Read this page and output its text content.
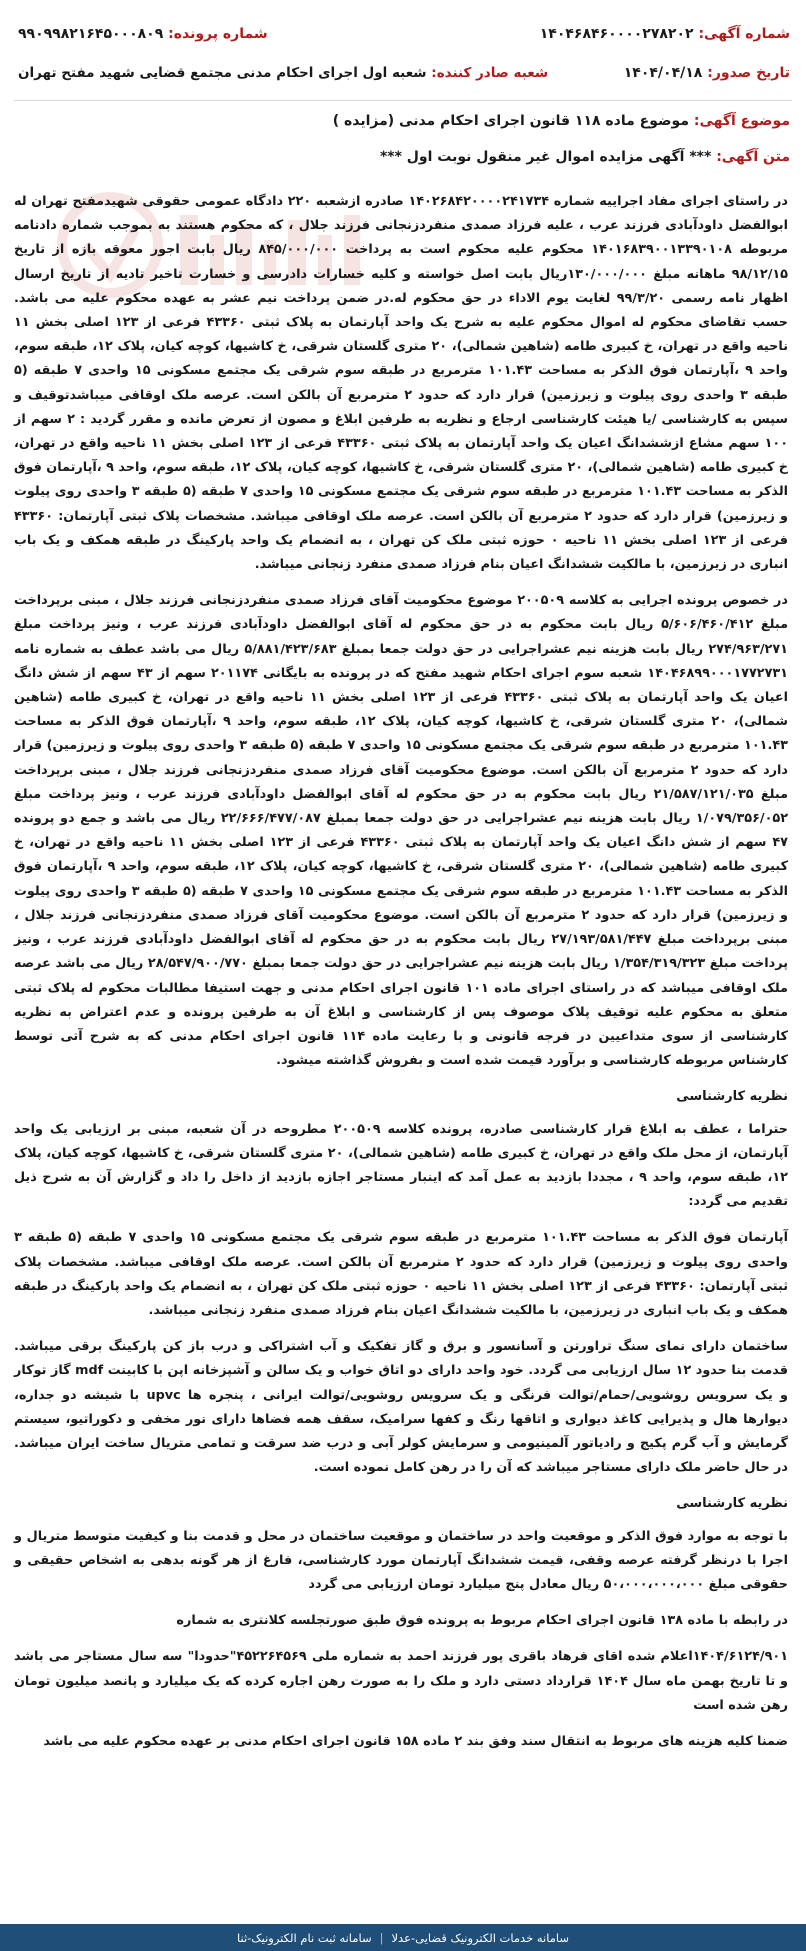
شماره آگهی: ۱۴۰۴۶۸۴۶۰۰۰۰۲۷۸۲۰۲
شماره پرونده: ۹۹۰۹۹۸۲۱۶۴۵۰۰۰۸۰۹
تاریخ صدور: ۱۴۰۴/۰۴/۱۸
شعبه صادر کننده: شعبه اول اجرای احکام مدنی مجتمع قضایی شهید مفتح تهران
موضوع آگهی: موضوع ماده ۱۱۸ قانون اجرای احکام مدنی (مزایده )
متن آگهی: *** آگهی مزایده اموال غیر منقول نوبت اول ***

در راستای اجرای مفاد اجراییه شماره ۱۴۰۲۶۸۴۲۰۰۰۰۲۴۱۷۳۴ صادره ازشعبه ۲۲۰ دادگاه عمومی حقوقی شهیدمفتح تهران له ابوالفضل داودآبادی فرزند عرب ، علیه فرزاد صمدی منفردزنجانی فرزند جلال ، که محکوم هستند به بموجب شماره دادنامه مربوطه ۱۴۰۱۶۸۳۹۰۰۱۳۳۹۰۱۰۸ محکوم علیه محکوم است به پرداخت ۸۴۵/۰۰۰/۰۰۰ ریال بابت اجور معوقه بازه از تاریخ ۹۸/۱۲/۱۵ ماهانه مبلغ ۱۳۰/۰۰۰/۰۰۰ریال بابت اصل خواسته و کلیه خسارات دادرسی و خسارت تاخیر تادیه از تاریخ ارسال اظهار نامه رسمی ۹۹/۳/۲۰ لغایت یوم الاداء در حق محکوم له.در ضمن پرداخت نیم عشر به عهده محکوم علیه می باشد. حسب تقاضای محکوم له اموال محکوم علیه به شرح یک واحد آپارتمان به پلاک ثبتی ۴۳۳۶۰ فرعی از ۱۲۳ اصلی بخش ۱۱ ناحیه واقع در تهران، خ کبیری طامه (شاهین شمالی)، ۲۰ متری گلستان شرقی، خ کاشیها، کوچه کیان، پلاک ۱۲، طبقه سوم، واحد ۹ ،آپارتمان فوق الذکر به مساحت ۱۰۱.۴۳ مترمربع در طبقه سوم شرقی یک مجتمع مسکونی ۱۵ واحدی ۷ طبقه (۵ طبقه ۳ واحدی روی پیلوت و زیرزمین) قرار دارد که حدود ۲ مترمربع آن بالکن است. عرصه ملک اوقافی میباشدتوقیف و سپس به کارشناسی /یا هیئت کارشناسی ارجاع و نظریه به طرفین ابلاغ و مصون از تعرض مانده و مقرر گردید : ۲ سهم از ۱۰۰ سهم مشاع ازششدانگ اعیان یک واحد آپارتمان به پلاک ثبتی ۴۳۳۶۰ فرعی از ۱۲۳ اصلی بخش ۱۱ ناحیه واقع در تهران، خ کبیری طامه (شاهین شمالی)، ۲۰ متری گلستان شرقی، خ کاشیها، کوچه کیان، پلاک ۱۲، طبقه سوم، واحد ۹ ،آپارتمان فوق الذکر به مساحت ۱۰۱.۴۳ مترمربع در طبقه سوم شرقی یک مجتمع مسکونی ۱۵ واحدی ۷ طبقه (۵ طبقه ۳ واحدی روی پیلوت و زیرزمین) قرار دارد که حدود ۲ مترمربع آن بالکن است. عرصه ملک اوقافی میباشد. مشخصات پلاک ثبتی آپارتمان: ۴۳۳۶۰ فرعی از ۱۲۳ اصلی بخش ۱۱ ناحیه ۰ حوزه ثبتی ملک کن تهران ، به انضمام یک واحد پارکینگ در طبقه همکف و یک باب انباری در زیرزمین، با مالکیت ششدانگ اعیان بنام فرزاد صمدی منفرد زنجانی میباشد.

در خصوص پرونده اجرایی به کلاسه ۲۰۰۵۰۹ موضوع محکومیت آقای فرزاد صمدی منفردزنجانی فرزند جلال ، مبنی برپرداخت مبلغ ۵/۶۰۶/۴۶۰/۴۱۲ ریال بابت محکوم به در حق محکوم له آقای ابوالفضل داودآبادی فرزند عرب ، ونیز پرداخت مبلغ ۲۷۴/۹۶۳/۲۷۱ ریال بابت هزینه نیم عشراجرایی در حق دولت جمعا بمبلغ ۵/۸۸۱/۴۲۳/۶۸۳ ریال می باشد عطف به شماره نامه ۱۴۰۴۶۸۹۹۰۰۰۱۷۷۲۷۳۱ شعبه سوم اجرای احکام شهید مفتح که در پرونده به بایگانی ۲۰۱۱۷۴ سهم از ۴۳ سهم از شش دانگ اعیان یک واحد آپارتمان به پلاک ثبتی ۴۳۳۶۰ فرعی از ۱۲۳ اصلی بخش ۱۱ ناحیه واقع در تهران، خ کبیری طامه (شاهین شمالی)، ۲۰ متری گلستان شرقی، خ کاشیها، کوچه کیان، پلاک ۱۲، طبقه سوم، واحد ۹ ،آپارتمان فوق الذکر به مساحت ۱۰۱.۴۳ مترمربع در طبقه سوم شرقی یک مجتمع مسکونی ۱۵ واحدی ۷ طبقه (۵ طبقه ۳ واحدی روی پیلوت و زیرزمین) قرار دارد که حدود ۲ مترمربع آن بالکن است. موضوع محکومیت آقای فرزاد صمدی منفردزنجانی فرزند جلال ، مبنی برپرداخت مبلغ ۲۱/۵۸۷/۱۲۱/۰۳۵ ریال بابت محکوم به در حق محکوم له آقای ابوالفضل داودآبادی فرزند عرب ، ونیز پرداخت مبلغ ۱/۰۷۹/۳۵۶/۰۵۲ ریال بابت هزینه نیم عشراجرایی در حق دولت جمعا بمبلغ ۲۲/۶۶۶/۴۷۷/۰۸۷ ریال می باشد و جمع دو پرونده ۴۷ سهم از شش دانگ اعیان یک واحد آپارتمان به پلاک ثبتی ۴۳۳۶۰ فرعی از ۱۲۳ اصلی بخش ۱۱ ناحیه واقع در تهران، خ کبیری طامه (شاهین شمالی)، ۲۰ متری گلستان شرقی، خ کاشیها، کوچه کیان، پلاک ۱۲، طبقه سوم، واحد ۹ ،آپارتمان فوق الذکر به مساحت ۱۰۱.۴۳ مترمربع در طبقه سوم شرقی یک مجتمع مسکونی ۱۵ واحدی ۷ طبقه (۵ طبقه ۳ واحدی روی پیلوت و زیرزمین) قرار دارد که حدود ۲ مترمربع آن بالکن است. موضوع محکومیت آقای فرزاد صمدی منفردزنجانی فرزند جلال ، مبنی برپرداخت مبلغ ۲۷/۱۹۳/۵۸۱/۴۴۷ ریال بابت محکوم به در حق محکوم له آقای ابوالفضل داودآبادی فرزند عرب ، ونیز پرداخت مبلغ ۱/۳۵۴/۳۱۹/۳۲۳ ریال بابت هزینه نیم عشراجرایی در حق دولت جمعا بمبلغ ۲۸/۵۴۷/۹۰۰/۷۷۰ ریال می باشد عرصه ملک اوقافی میباشد که در راستای اجرای ماده ۱۰۱ قانون اجرای احکام مدنی و جهت استیفا مطالبات محکوم له پلاک ثبتی متعلق به محکوم علیه توقیف پلاک موصوف پس از کارشناسی و ابلاغ آن به طرفین پرونده و عدم اعتراض به نظریه کارشناسی از سوی متداعیین در فرجه قانونی و با رعایت ماده ۱۱۴ قانون اجرای احکام مدنی که به شرح آتی توسط کارشناس مربوطه کارشناسی و برآورد قیمت شده است و بفروش گذاشته میشود.

نظریه کارشناسی

حتراما ، عطف به ابلاغ قرار کارشناسی صادره، پرونده کلاسه ۲۰۰۵۰۹ مطروحه در آن شعبه، مبنی بر ارزیابی یک واحد آپارتمان، از محل ملک واقع در تهران، خ کبیری طامه (شاهین شمالی)، ۲۰ متری گلستان شرقی، خ کاشیها، کوچه کیان، پلاک ۱۲، طبقه سوم، واحد ۹ ، مجددا بازدید به عمل آمد که اینبار مستاجر اجازه بازدید از داخل را داد و گزارش آن به شرح ذیل تقدیم می گردد:

آپارتمان فوق الذکر به مساحت ۱۰۱.۴۳ مترمربع در طبقه سوم شرقی یک مجتمع مسکونی ۱۵ واحدی ۷ طبقه (۵ طبقه ۳ واحدی روی پیلوت و زیرزمین) قرار دارد که حدود ۲ مترمربع آن بالکن است. عرصه ملک اوقافی میباشد. مشخصات پلاک ثبتی آپارتمان: ۴۳۳۶۰ فرعی از ۱۲۳ اصلی بخش ۱۱ ناحیه ۰ حوزه ثبتی ملک کن تهران ، به انضمام یک واحد پارکینگ در طبقه همکف و یک باب انباری در زیرزمین، با مالکیت ششدانگ اعیان بنام فرزاد صمدی منفرد زنجانی میباشد.

ساختمان دارای نمای سنگ تراورتن و آسانسور و برق و گاز تفکیک و آب اشتراکی و درب باز کن پارکینگ برقی میباشد. قدمت بنا حدود ۱۲ سال ارزیابی می گردد. خود واحد دارای دو اتاق خواب و یک سالن و آشپزخانه اپن با کابینت mdf گاز توکار و یک سرویس روشویی/حمام/توالت فرنگی و یک سرویس روشویی/توالت ایرانی ، پنجره ها upvc با شیشه دو جداره، دیوارها هال و پذیرایی کاغذ دیواری و اتاقها رنگ و کفها سرامیک، سقف همه فضاها دارای نور مخفی و دکوراتیو، سیستم گرمایش و آب گرم پکیج و رادیاتور آلمینیومی و سرمایش کولر آبی و درب ضد سرقت و تمامی متریال ساخت ایران میباشد. در حال حاضر ملک دارای مستاجر میباشد که آن را در رهن کامل نموده است.

نظریه کارشناسی

با توجه به موارد فوق الذکر و موقعیت واحد در ساختمان و موقعیت ساختمان در محل و قدمت بنا و کیفیت متوسط متریال و اجرا با درنظر گرفته عرصه وقفی، قیمت ششدانگ آپارتمان مورد کارشناسی، فارغ از هر گونه بدهی به اشخاص حقیقی و حقوقی مبلغ ۵۰،۰۰۰،۰۰۰،۰۰۰ ریال معادل پنج میلیارد تومان ارزیابی می گردد

در رابطه با ماده ۱۳۸ قانون اجرای احکام مربوط به پرونده فوق طبق صورتجلسه کلانتری به شماره

۱۴۰۴/۶۱۲۴/۹۰۱اعلام شده اقای فرهاد باقری پور فرزند احمد به شماره ملی ۴۵۲۲۶۴۵۶۹"حدودا" سه سال مستاجر می باشد و تا تاریخ بهمن ماه سال ۱۴۰۴ قرارداد دستی دارد و ملک را به صورت رهن اجاره کرده که یک میلیارد و پانصد میلیون تومان رهن شده است

ضمنا کلیه هزینه های مربوط به انتقال سند وفق بند ۲ ماده ۱۵۸ قانون اجرای احکام مدنی بر عهده محکوم علیه می باشد

سامانه خدمات الکترونیک قضایی-عدلا
|
سامانه ثبت نام الکترونیک-ثنا
